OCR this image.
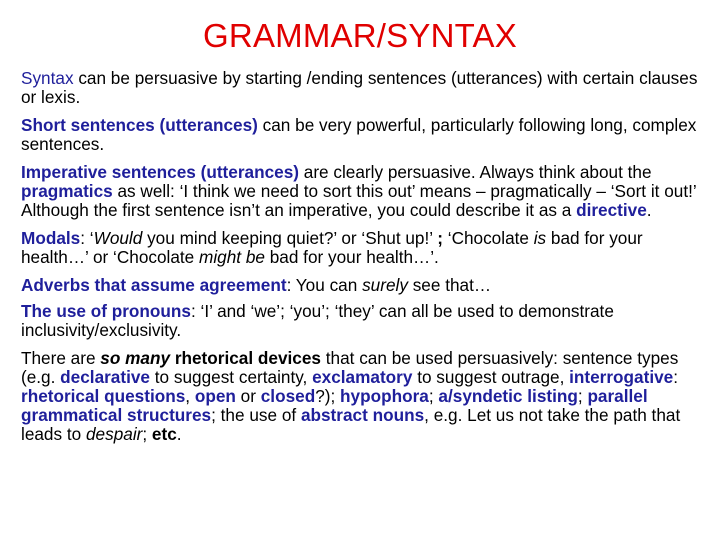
GRAMMAR/SYNTAX

Syntax can be persuasive by starting /ending sentences (utterances) with certain clauses or lexis.

Short sentences (utterances) can be very powerful, particularly following long, complex sentences.

Imperative sentences (utterances) are clearly persuasive. Always think about the pragmatics as well: ‘I think we need to sort this out’ means – pragmatically – ‘Sort it out!’ Although the first sentence isn’t an imperative, you could describe it as a directive.

Modals: ‘Would you mind keeping quiet?’ or ‘Shut up!’ ; ‘Chocolate is bad for your health…’ or ‘Chocolate might be bad for your health…’.

Adverbs that assume agreement: You can surely see that…

The use of pronouns: ‘I’ and ‘we’; ‘you’; ‘they’ can all be used to demonstrate inclusivity/exclusivity.

There are so many rhetorical devices that can be used persuasively: sentence types (e.g. declarative to suggest certainty, exclamatory to suggest outrage, interrogative: rhetorical questions, open or closed?); hypophora; a/syndetic listing; parallel grammatical structures; the use of abstract nouns, e.g. Let us not take the path that leads to despair; etc.
